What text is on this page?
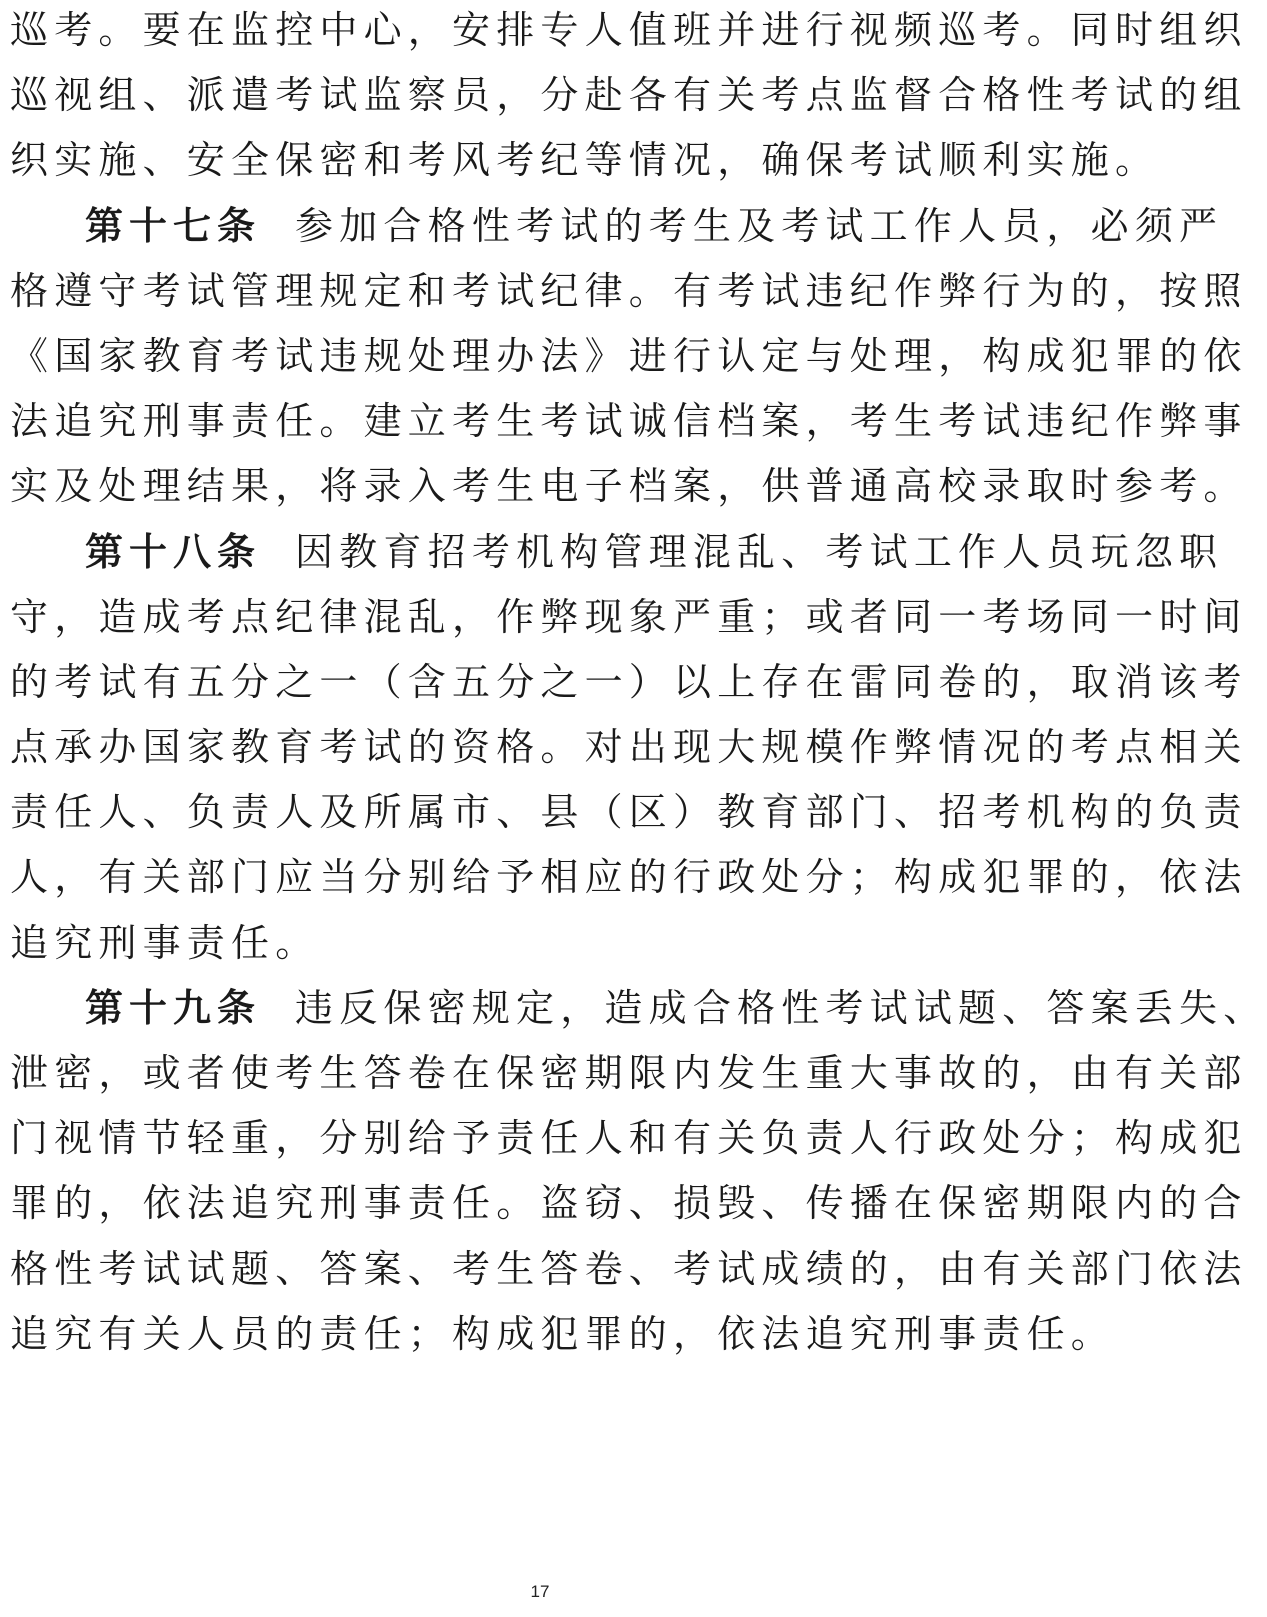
巡考。要在监控中心，安排专人值班并进行视频巡考。同时组织
巡视组、派遣考试监察员，分赴各有关考点监督合格性考试的组
织实施、安全保密和考风考纪等情况，确保考试顺利实施。
第十七条 参加合格性考试的考生及考试工作人员，必须严
格遵守考试管理规定和考试纪律。有考试违纪作弊行为的，按照
《国家教育考试违规处理办法》进行认定与处理，构成犯罪的依
法追究刑事责任。建立考生考试诚信档案，考生考试违纪作弊事
实及处理结果，将录入考生电子档案，供普通高校录取时参考。
第十八条 因教育招考机构管理混乱、考试工作人员玩忽职
守，造成考点纪律混乱，作弊现象严重；或者同一考场同一时间
的考试有五分之一（含五分之一）以上存在雷同卷的，取消该考
点承办国家教育考试的资格。对出现大规模作弊情况的考点相关
责任人、负责人及所属市、县（区）教育部门、招考机构的负责
人，有关部门应当分别给予相应的行政处分；构成犯罪的，依法
追究刑事责任。
第十九条 违反保密规定，造成合格性考试试题、答案丢失、
泄密，或者使考生答卷在保密期限内发生重大事故的，由有关部
门视情节轻重，分别给予责任人和有关负责人行政处分；构成犯
罪的，依法追究刑事责任。盗窃、损毁、传播在保密期限内的合
格性考试试题、答案、考生答卷、考试成绩的，由有关部门依法
追究有关人员的责任；构成犯罪的，依法追究刑事责任。
17
